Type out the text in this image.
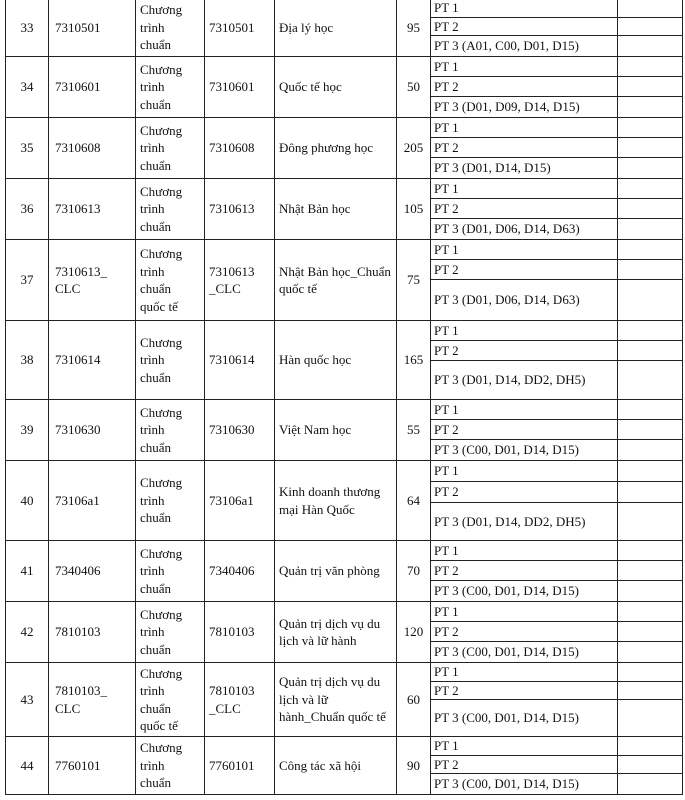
33	7310501	Chương
trình
chuẩn	7310501	Địa lý học	95	PT 1	
						PT 2	
						PT 3 (A01, C00, D01, D15)	
34	7310601	Chương
trình
chuẩn	7310601	Quốc tế học	50	PT 1	
						PT 2	
						PT 3 (D01, D09, D14, D15)	
35	7310608	Chương
trình
chuẩn	7310608	Đông phương học	205	PT 1	
						PT 2	
						PT 3 (D01, D14, D15)	
36	7310613	Chương
trình
chuẩn	7310613	Nhật Bản học	105	PT 1	
						PT 2	
						PT 3 (D01, D06, D14, D63)	
37	7310613_ CLC	Chương
trình
chuẩn
quốc tế	7310613 _CLC	Nhật Bản học_Chuẩn quốc tế	75	PT 1	
						PT 2	
						PT 3 (D01, D06, D14, D63)	
38	7310614	Chương
trình
chuẩn	7310614	Hàn quốc học	165	PT 1	
						PT 2	
						PT 3 (D01, D14, DD2, DH5)	
39	7310630	Chương
trình
chuẩn	7310630	Việt Nam học	55	PT 1	
						PT 2	
						PT 3 (C00, D01, D14, D15)	
40	73106a1	Chương
trình
chuẩn	73106a1	Kinh doanh thương mại Hàn Quốc	64	PT 1	
						PT 2	
						PT 3 (D01, D14, DD2, DH5)	
41	7340406	Chương
trình
chuẩn	7340406	Quản trị văn phòng	70	PT 1	
						PT 2	
						PT 3 (C00, D01, D14, D15)	
42	7810103	Chương
trình
chuẩn	7810103	Quản trị dịch vụ du lịch và lữ hành	120	PT 1	
						PT 2	
						PT 3 (C00, D01, D14, D15)	
43	7810103_ CLC	Chương
trình
chuẩn
quốc tế	7810103 _CLC	Quản trị dịch vụ du lịch và lữ hành_Chuẩn quốc tế	60	PT 1	
						PT 2	
						PT 3 (C00, D01, D14, D15)	
44	7760101	Chương
trình
chuẩn	7760101	Công tác xã hội	90	PT 1	
						PT 2	
						PT 3 (C00, D01, D14, D15)	
